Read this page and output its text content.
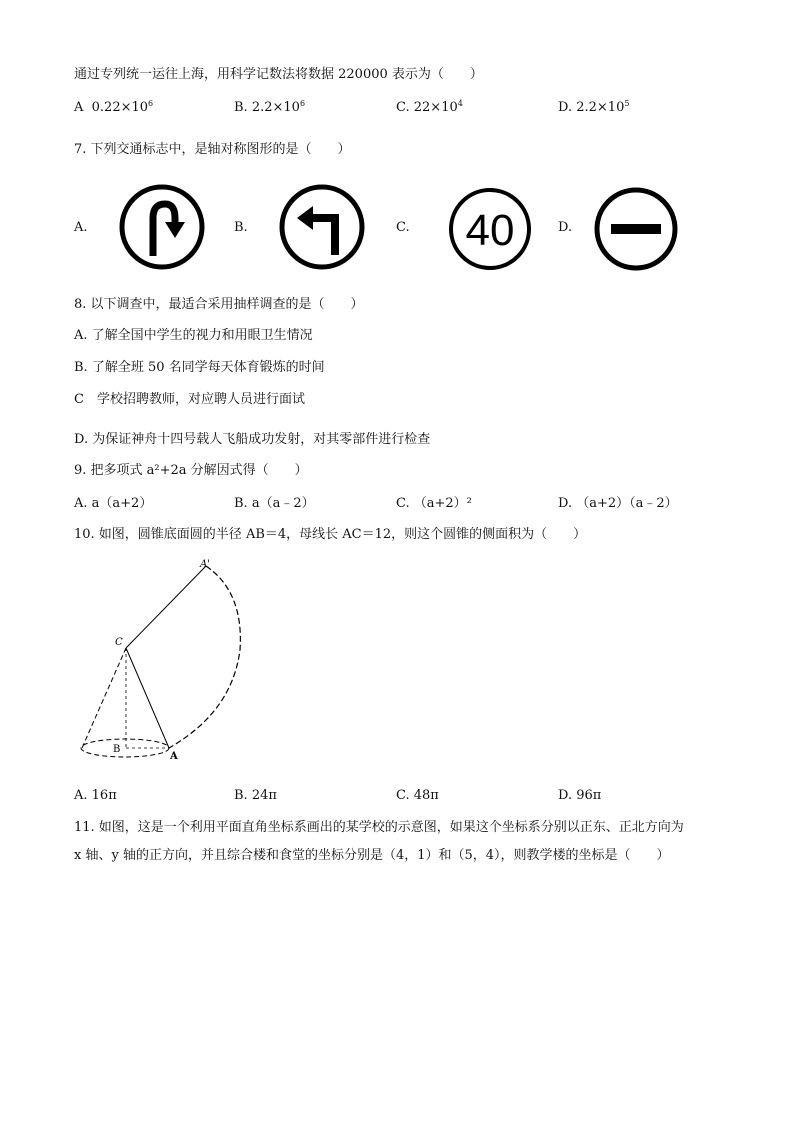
通过专列统一运往上海，用科学记数法将数据 220000 表示为（　　）
A $0.22\times 10^6$	B. $2.2\times 10^6$	C. $22\times 10^4$	D. $2.2\times 10^5$
7. 下列交通标志中，是轴对称图形的是（　　）
A.	B.	C. 40	D.
8. 以下调查中，最适合采用抽样调查的是（　　）
A. 了解全国中学生的视力和用眼卫生情况
B. 了解全班 50 名同学每天体育锻炼的时间
C　学校招聘教师，对应聘人员进行面试
D. 为保证神舟十四号载人飞船成功发射，对其零部件进行检查
9. 把多项式 a²+2a 分解因式得（　　）
A. a（a+2）	B. a（a﹣2）	C. （a+2）²	D. （a+2）（a﹣2）
10. 如图，圆锥底面圆的半径 AB＝4，母线长 AC＝12，则这个圆锥的侧面积为（　　）
A'
C
B
A
A. 16π	B. 24π	C. 48π	D. 96π
11. 如图，这是一个利用平面直角坐标系画出的某学校的示意图，如果这个坐标系分别以正东、正北方向为
x 轴、y 轴的正方向，并且综合楼和食堂的坐标分别是（4，1）和（5，4），则教学楼的坐标是（　　）
